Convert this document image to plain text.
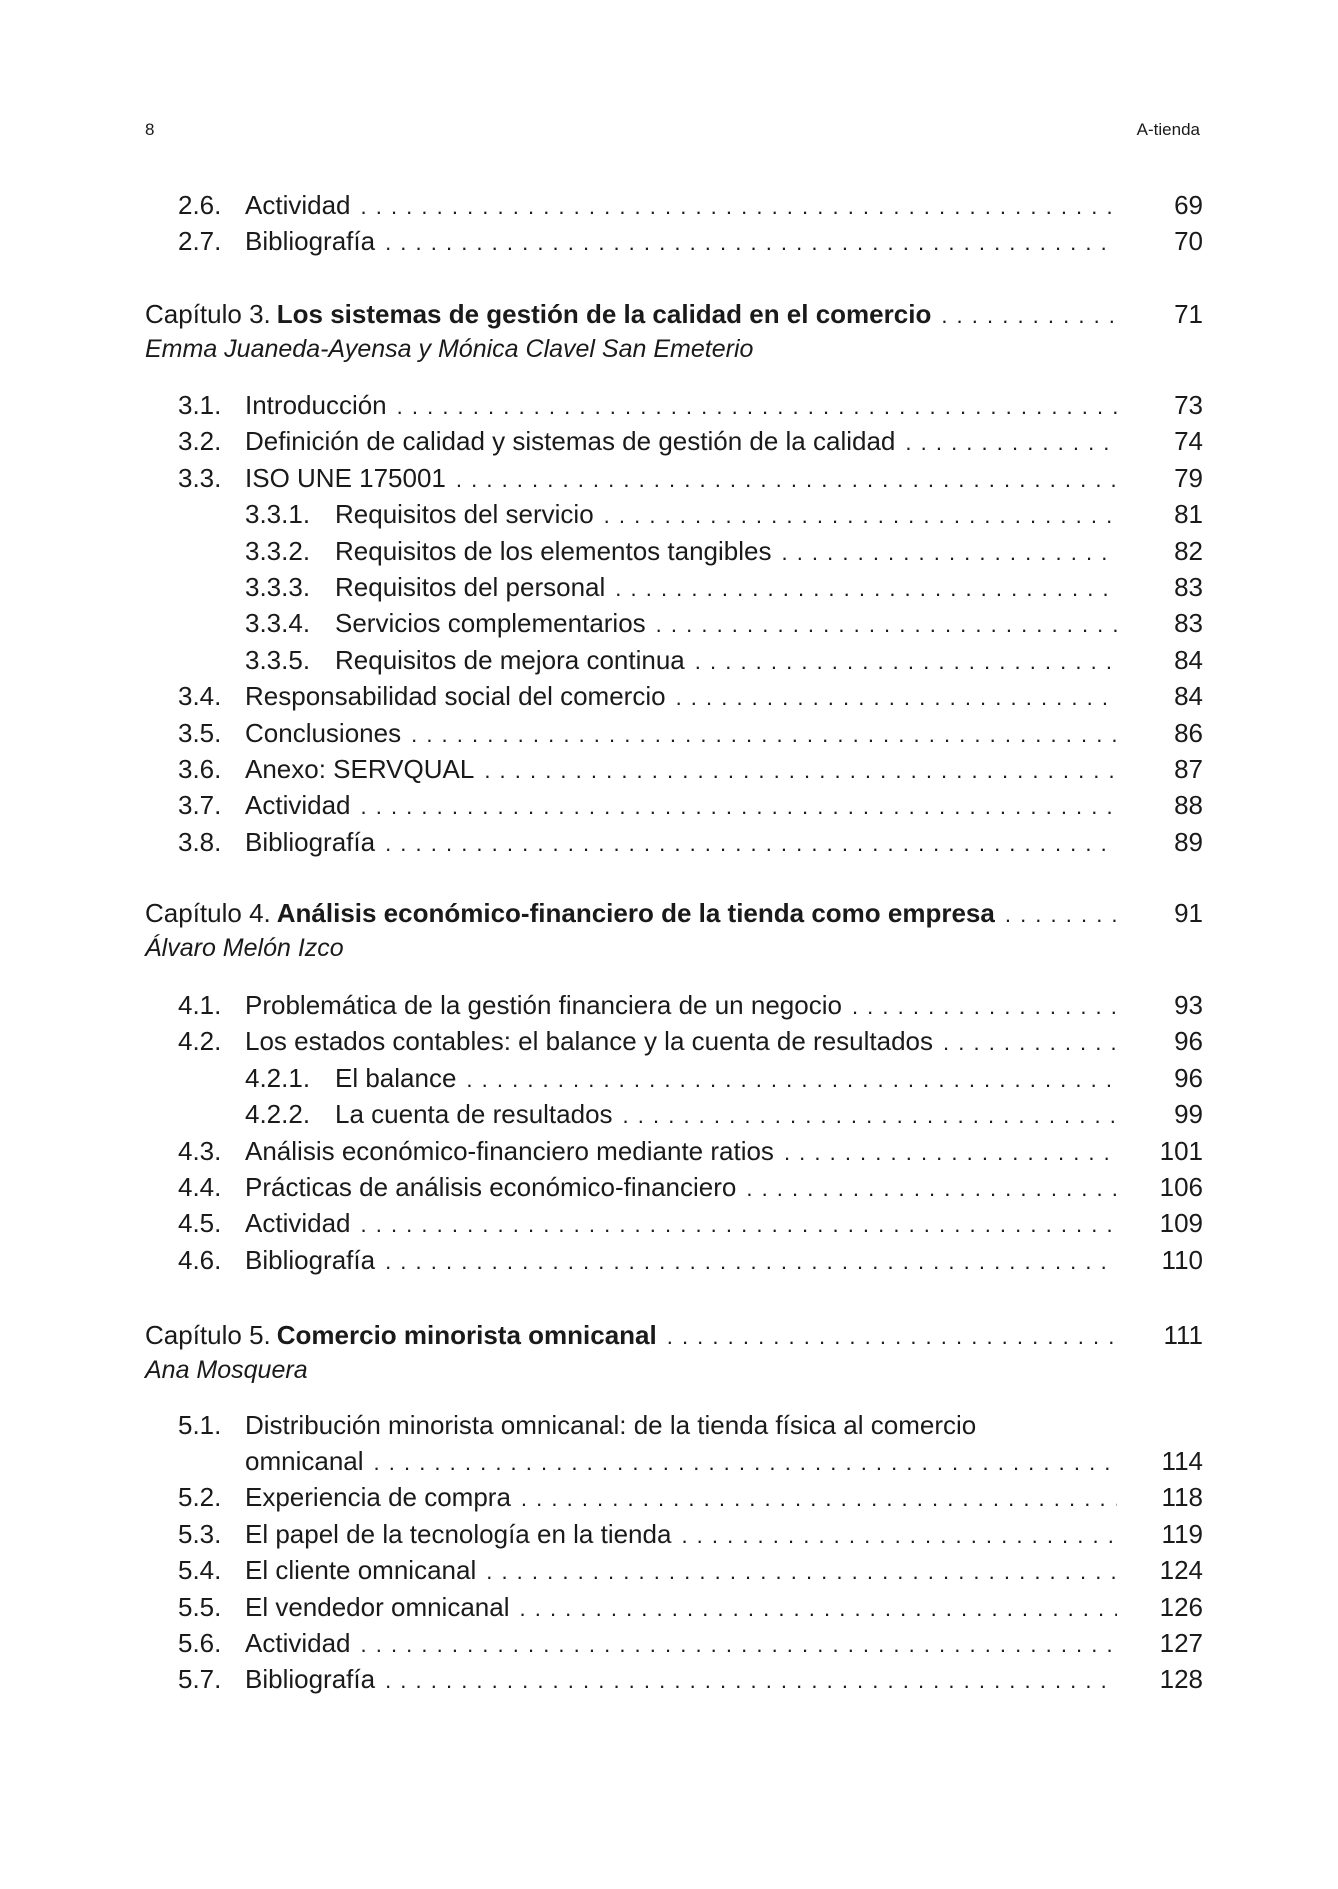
8	A-tienda
2.6. Actividad . . .	69
2.7. Bibliografía . . .	70
Capítulo 3. Los sistemas de gestión de la calidad en el comercio . . .	71
Emma Juaneda-Ayensa y Mónica Clavel San Emeterio
3.1. Introducción . . .	73
3.2. Definición de calidad y sistemas de gestión de la calidad . . .	74
3.3. ISO UNE 175001 . . .	79
3.3.1. Requisitos del servicio . . .	81
3.3.2. Requisitos de los elementos tangibles . . .	82
3.3.3. Requisitos del personal . . .	83
3.3.4. Servicios complementarios . . .	83
3.3.5. Requisitos de mejora continua . . .	84
3.4. Responsabilidad social del comercio . . .	84
3.5. Conclusiones . . .	86
3.6. Anexo: SERVQUAL . . .	87
3.7. Actividad . . .	88
3.8. Bibliografía . . .	89
Capítulo 4. Análisis económico-financiero de la tienda como empresa . . .	91
Álvaro Melón Izco
4.1. Problemática de la gestión financiera de un negocio . . .	93
4.2. Los estados contables: el balance y la cuenta de resultados . . .	96
4.2.1. El balance . . .	96
4.2.2. La cuenta de resultados . . .	99
4.3. Análisis económico-financiero mediante ratios . . .	101
4.4. Prácticas de análisis económico-financiero . . .	106
4.5. Actividad . . .	109
4.6. Bibliografía . . .	110
Capítulo 5. Comercio minorista omnicanal . . .	111
Ana Mosquera
5.1. Distribución minorista omnicanal: de la tienda física al comercio
omnicanal . . .	114
5.2. Experiencia de compra . . .	118
5.3. El papel de la tecnología en la tienda . . .	119
5.4. El cliente omnicanal . . .	124
5.5. El vendedor omnicanal . . .	126
5.6. Actividad . . .	127
5.7. Bibliografía . . .	128
